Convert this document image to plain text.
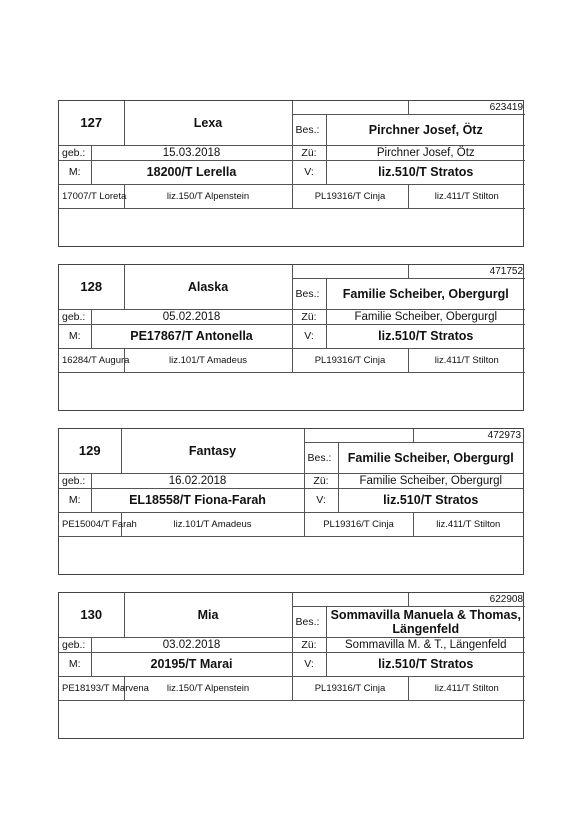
127		Lexa			623419
			Bes.:	Pirchner Josef, Ötz	
geb.:	15.03.2018		Zü:	Pirchner Josef, Ötz	
M:	18200/T Lerella		V:	liz.510/T Stratos	
17007/T Loreta		liz.150/T Alpenstein	PL19316/T Cinja		liz.411/T Stilton

128		Alaska			471752
			Bes.:	Familie Scheiber, Obergurgl	
geb.:	05.02.2018		Zü:	Familie Scheiber, Obergurgl	
M:	PE17867/T Antonella		V:	liz.510/T Stratos	
16284/T Augura		liz.101/T Amadeus	PL19316/T Cinja		liz.411/T Stilton

129		Fantasy			472973
			Bes.:	Familie Scheiber, Obergurgl	
geb.:	16.02.2018		Zü:	Familie Scheiber, Obergurgl	
M:	EL18558/T Fiona-Farah		V:	liz.510/T Stratos	
PE15004/T Farah		liz.101/T Amadeus	PL19316/T Cinja		liz.411/T Stilton

130		Mia			622908
			Bes.:	Sommavilla Manuela & Thomas, Längenfeld	
geb.:	03.02.2018		Zü:	Sommavilla M. & T., Längenfeld	
M:	20195/T Marai		V:	liz.510/T Stratos	
PE18193/T Marvena		liz.150/T Alpenstein	PL19316/T Cinja		liz.411/T Stilton
